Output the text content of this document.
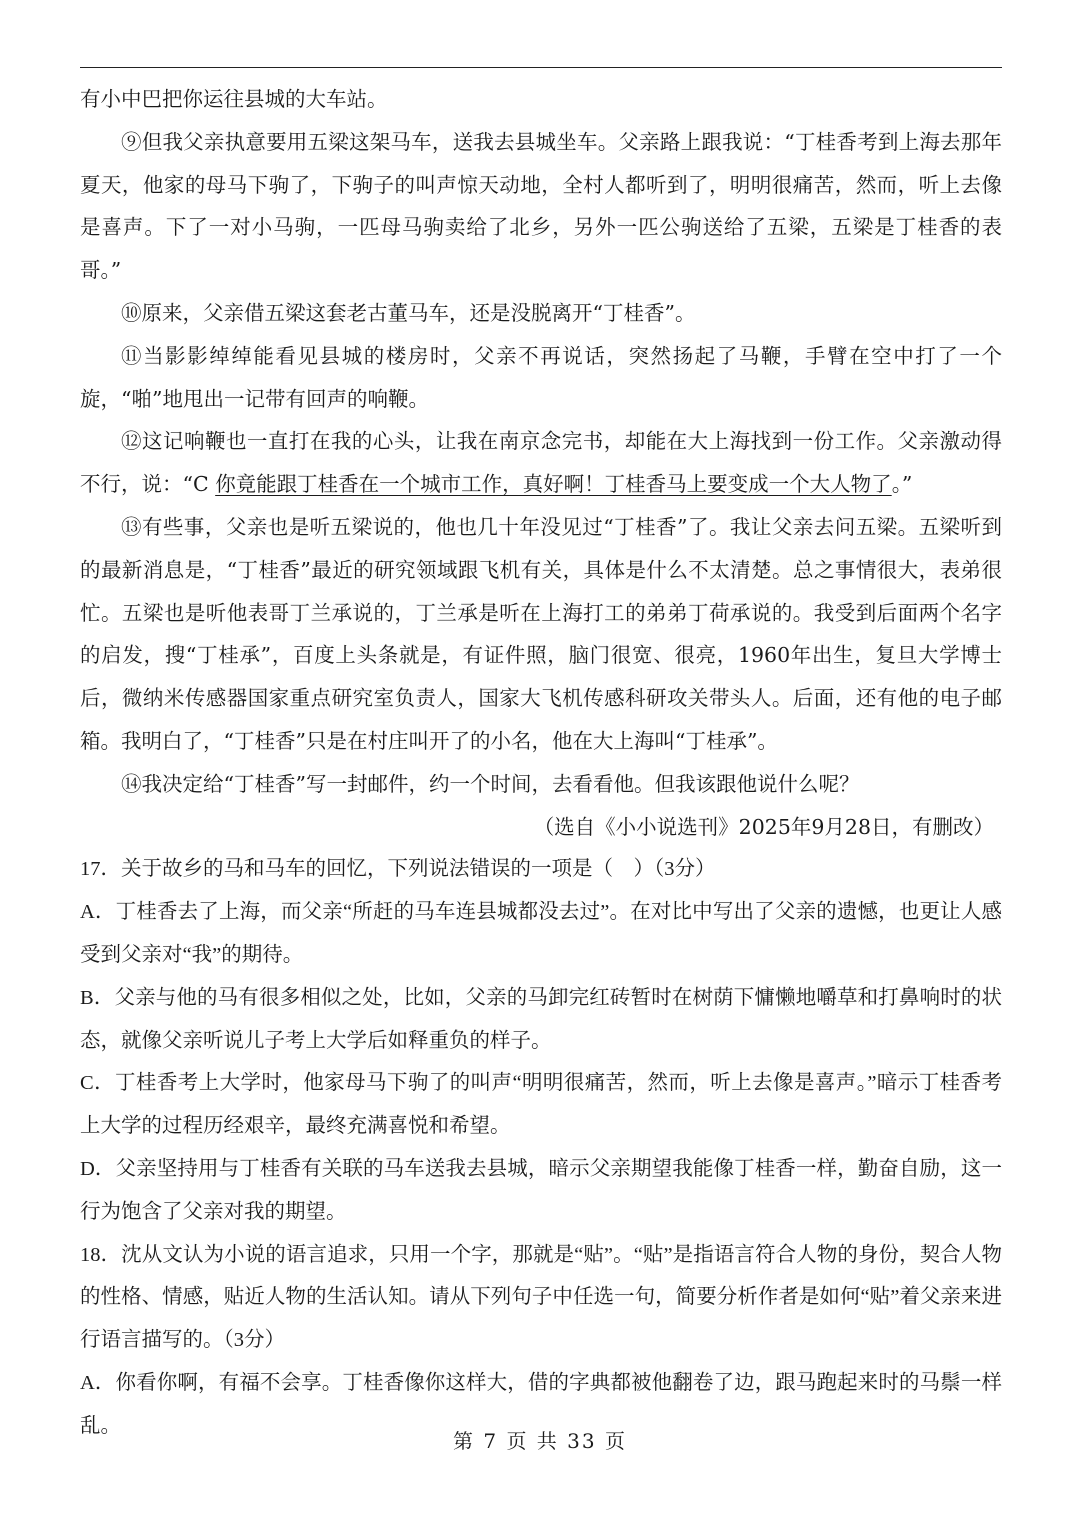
有小中巴把你运往县城的大车站。

⑨但我父亲执意要用五梁这架马车，送我去县城坐车。父亲路上跟我说：“丁桂香考到上海去那年夏天，他家的母马下驹了，下驹子的叫声惊天动地，全村人都听到了，明明很痛苦，然而，听上去像是喜声。下了一对小马驹，一匹母马驹卖给了北乡，另外一匹公驹送给了五梁，五梁是丁桂香的表哥。”

⑩原来，父亲借五梁这套老古董马车，还是没脱离开“丁桂香”。

⑪当影影绰绰能看见县城的楼房时，父亲不再说话，突然扬起了马鞭，手臂在空中打了一个旋，“啪”地甩出一记带有回声的响鞭。

⑫这记响鞭也一直打在我的心头，让我在南京念完书，却能在大上海找到一份工作。父亲激动得不行，说：“C 你竟能跟丁桂香在一个城市工作，真好啊！丁桂香马上要变成一个大人物了。”

⑬有些事，父亲也是听五梁说的，他也几十年没见过“丁桂香”了。我让父亲去问五梁。五梁听到的最新消息是，“丁桂香”最近的研究领域跟飞机有关，具体是什么不太清楚。总之事情很大，表弟很忙。五梁也是听他表哥丁兰承说的，丁兰承是听在上海打工的弟弟丁荷承说的。我受到后面两个名字的启发，搜“丁桂承”，百度上头条就是，有证件照，脑门很宽、很亮，1960年出生，复旦大学博士后，微纳米传感器国家重点研究室负责人，国家大飞机传感科研攻关带头人。后面，还有他的电子邮箱。我明白了，“丁桂香”只是在村庄叫开了的小名，他在大上海叫“丁桂承”。

⑭我决定给“丁桂香”写一封邮件，约一个时间，去看看他。但我该跟他说什么呢？

（选自《小小说选刊》2025年9月28日，有删改）

17．关于故乡的马和马车的回忆，下列说法错误的一项是（　）（3分）

A．丁桂香去了上海，而父亲“所赶的马车连县城都没去过”。在对比中写出了父亲的遗憾，也更让人感受到父亲对“我”的期待。

B．父亲与他的马有很多相似之处，比如，父亲的马卸完红砖暂时在树荫下慵懒地嚼草和打鼻响时的状态，就像父亲听说儿子考上大学后如释重负的样子。

C．丁桂香考上大学时，他家母马下驹了的叫声“明明很痛苦，然而，听上去像是喜声。”暗示丁桂香考上大学的过程历经艰辛，最终充满喜悦和希望。

D．父亲坚持用与丁桂香有关联的马车送我去县城，暗示父亲期望我能像丁桂香一样，勤奋自励，这一行为饱含了父亲对我的期望。

18．沈从文认为小说的语言追求，只用一个字，那就是“贴”。“贴”是指语言符合人物的身份，契合人物的性格、情感，贴近人物的生活认知。请从下列句子中任选一句，简要分析作者是如何“贴”着父亲来进行语言描写的。（3分）

A．你看你啊，有福不会享。丁桂香像你这样大，借的字典都被他翻卷了边，跟马跑起来时的马鬃一样乱。

第 7 页 共 33 页
